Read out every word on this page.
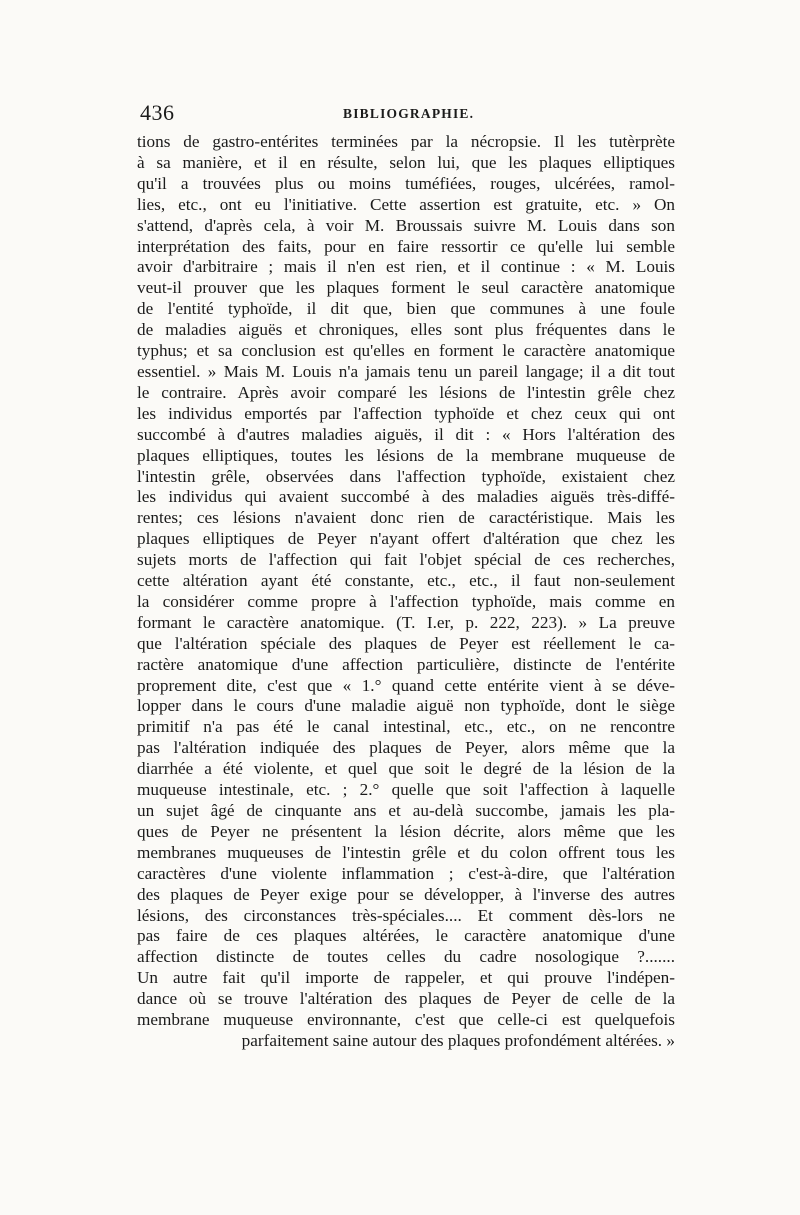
436	BIBLIOGRAPHIE.
tions de gastro-entérites terminées par la nécropsie. Il les tutèrprète
à sa manière, et il en résulte, selon lui, que les plaques elliptiques
qu'il a trouvées plus ou moins tuméfiées, rouges, ulcérées, ramol-
lies, etc., ont eu l'initiative. Cette assertion est gratuite, etc. » On
s'attend, d'après cela, à voir M. Broussais suivre M. Louis dans son
interprétation des faits, pour en faire ressortir ce qu'elle lui semble
avoir d'arbitraire ; mais il n'en est rien, et il continue : « M. Louis
veut-il prouver que les plaques forment le seul caractère anatomique
de l'entité typhoïde, il dit que, bien que communes à une foule
de maladies aiguës et chroniques, elles sont plus fréquentes dans le
typhus; et sa conclusion est qu'elles en forment le caractère anatomique
essentiel. » Mais M. Louis n'a jamais tenu un pareil langage; il a dit tout
le contraire. Après avoir comparé les lésions de l'intestin grêle chez
les individus emportés par l'affection typhoïde et chez ceux qui ont
succombé à d'autres maladies aiguës, il dit : « Hors l'altération des
plaques elliptiques, toutes les lésions de la membrane muqueuse de
l'intestin grêle, observées dans l'affection typhoïde, existaient chez
les individus qui avaient succombé à des maladies aiguës très-diffé-
rentes; ces lésions n'avaient donc rien de caractéristique. Mais les
plaques elliptiques de Peyer n'ayant offert d'altération que chez les
sujets morts de l'affection qui fait l'objet spécial de ces recherches,
cette altération ayant été constante, etc., etc., il faut non-seulement
la considérer comme propre à l'affection typhoïde, mais comme en
formant le caractère anatomique. (T. I.er, p. 222, 223). » La preuve
que l'altération spéciale des plaques de Peyer est réellement le ca-
ractère anatomique d'une affection particulière, distincte de l'entérite
proprement dite, c'est que « 1.° quand cette entérite vient à se déve-
lopper dans le cours d'une maladie aiguë non typhoïde, dont le siège
primitif n'a pas été le canal intestinal, etc., etc., on ne rencontre
pas l'altération indiquée des plaques de Peyer, alors même que la
diarrhée a été violente, et quel que soit le degré de la lésion de la
muqueuse intestinale, etc. ; 2.° quelle que soit l'affection à laquelle
un sujet âgé de cinquante ans et au-delà succombe, jamais les pla-
ques de Peyer ne présentent la lésion décrite, alors même que les
membranes muqueuses de l'intestin grêle et du colon offrent tous les
caractères d'une violente inflammation ; c'est-à-dire, que l'altération
des plaques de Peyer exige pour se développer, à l'inverse des autres
lésions, des circonstances très-spéciales.... Et comment dès-lors ne
pas faire de ces plaques altérées, le caractère anatomique d'une
affection distincte de toutes celles du cadre nosologique ?.......
Un autre fait qu'il importe de rappeler, et qui prouve l'indépen-
dance où se trouve l'altération des plaques de Peyer de celle de la
membrane muqueuse environnante, c'est que celle-ci est quelquefois
parfaitement saine autour des plaques profondément altérées. »
